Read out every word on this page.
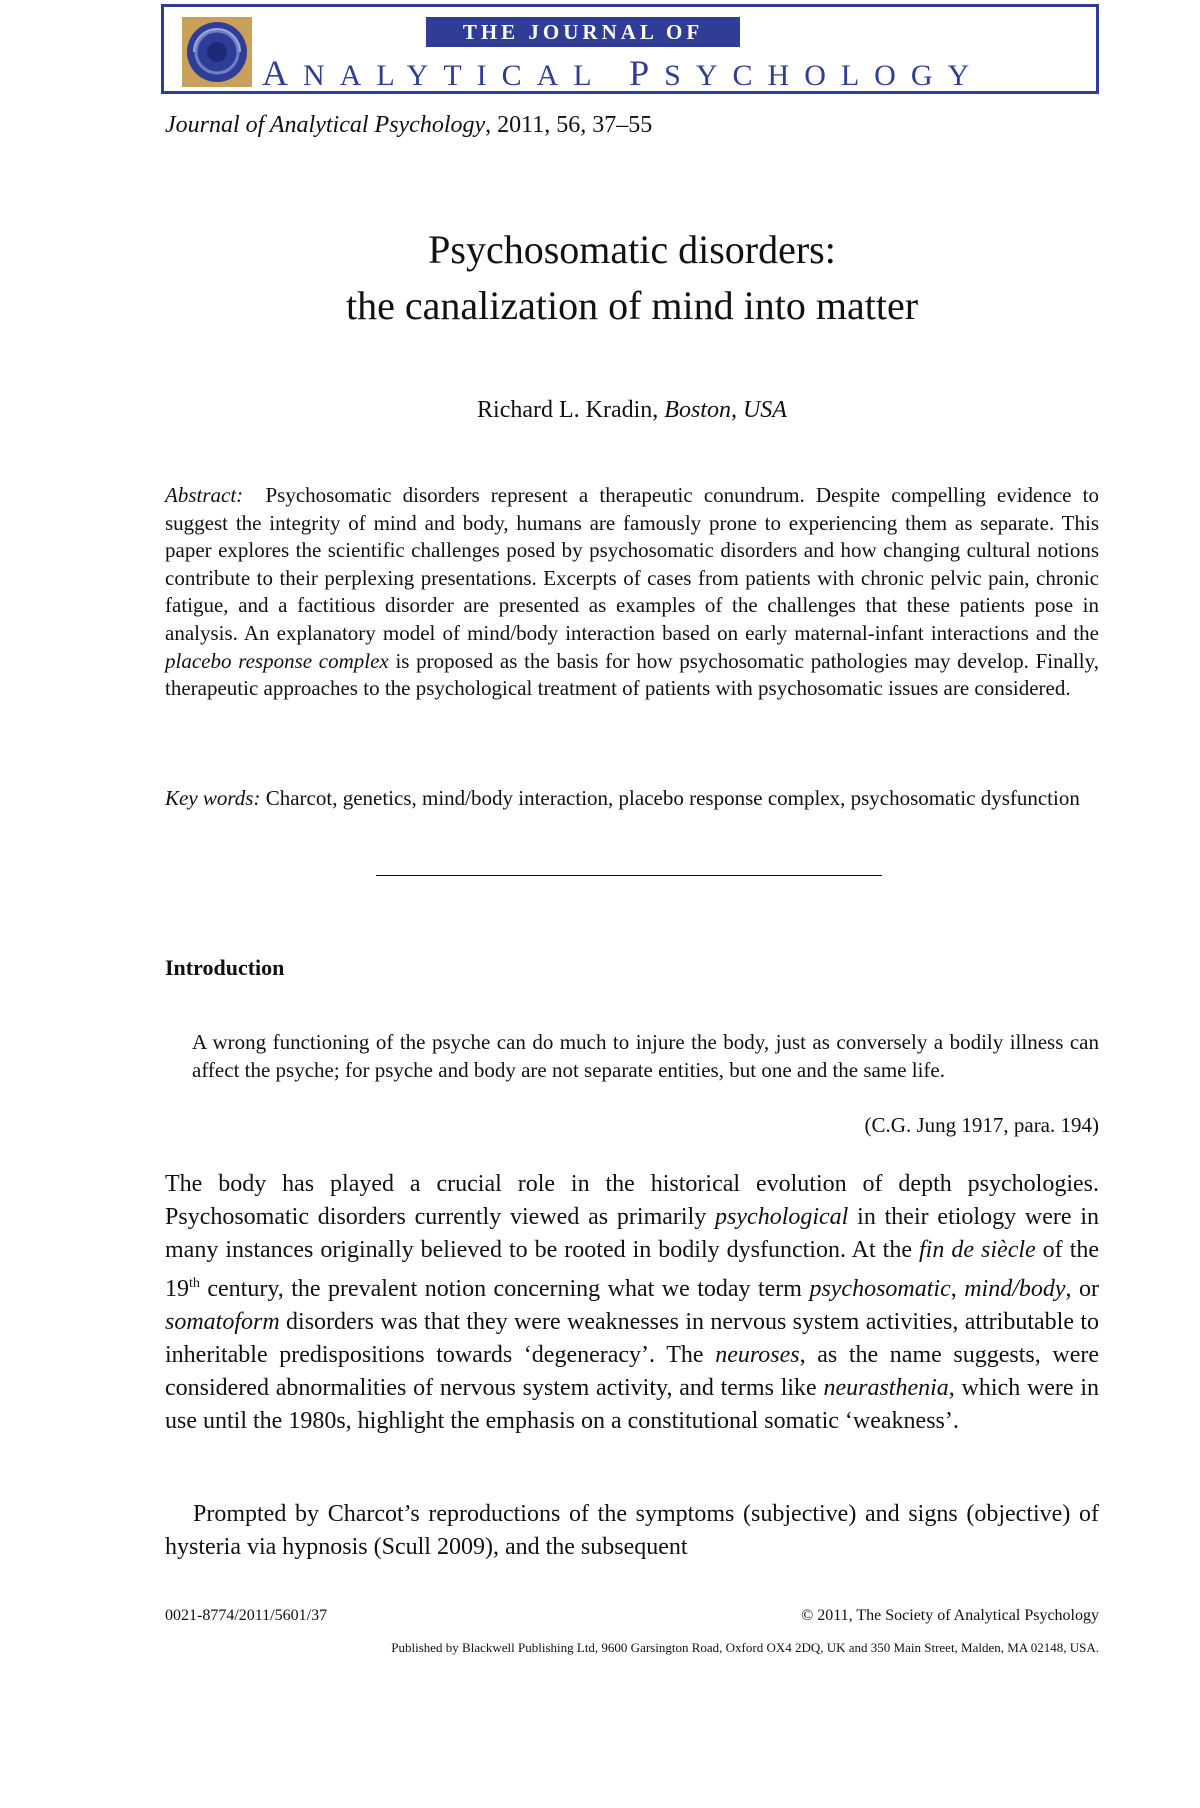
THE JOURNAL OF
ANALYTICAL PSYCHOLOGY
Journal of Analytical Psychology, 2011, 56, 37–55
Psychosomatic disorders:
the canalization of mind into matter
Richard L. Kradin, Boston, USA
Abstract: Psychosomatic disorders represent a therapeutic conundrum. Despite compelling evidence to suggest the integrity of mind and body, humans are famously prone to experiencing them as separate. This paper explores the scientific challenges posed by psychosomatic disorders and how changing cultural notions contribute to their perplexing presentations. Excerpts of cases from patients with chronic pelvic pain, chronic fatigue, and a factitious disorder are presented as examples of the challenges that these patients pose in analysis. An explanatory model of mind/body interaction based on early maternal-infant interactions and the placebo response complex is proposed as the basis for how psychosomatic pathologies may develop. Finally, therapeutic approaches to the psychological treatment of patients with psychosomatic issues are considered.
Key words: Charcot, genetics, mind/body interaction, placebo response complex, psychosomatic dysfunction
Introduction
A wrong functioning of the psyche can do much to injure the body, just as conversely a bodily illness can affect the psyche; for psyche and body are not separate entities, but one and the same life.
(C.G. Jung 1917, para. 194)
The body has played a crucial role in the historical evolution of depth psychologies. Psychosomatic disorders currently viewed as primarily psychological in their etiology were in many instances originally believed to be rooted in bodily dysfunction. At the fin de siècle of the 19th century, the prevalent notion concerning what we today term psychosomatic, mind/body, or somatoform disorders was that they were weaknesses in nervous system activities, attributable to inheritable predispositions towards ‘degeneracy’. The neuroses, as the name suggests, were considered abnormalities of nervous system activity, and terms like neurasthenia, which were in use until the 1980s, highlight the emphasis on a constitutional somatic ‘weakness’.
Prompted by Charcot’s reproductions of the symptoms (subjective) and signs (objective) of hysteria via hypnosis (Scull 2009), and the subsequent
0021-8774/2011/5601/37	© 2011, The Society of Analytical Psychology
Published by Blackwell Publishing Ltd, 9600 Garsington Road, Oxford OX4 2DQ, UK and 350 Main Street, Malden, MA 02148, USA.
